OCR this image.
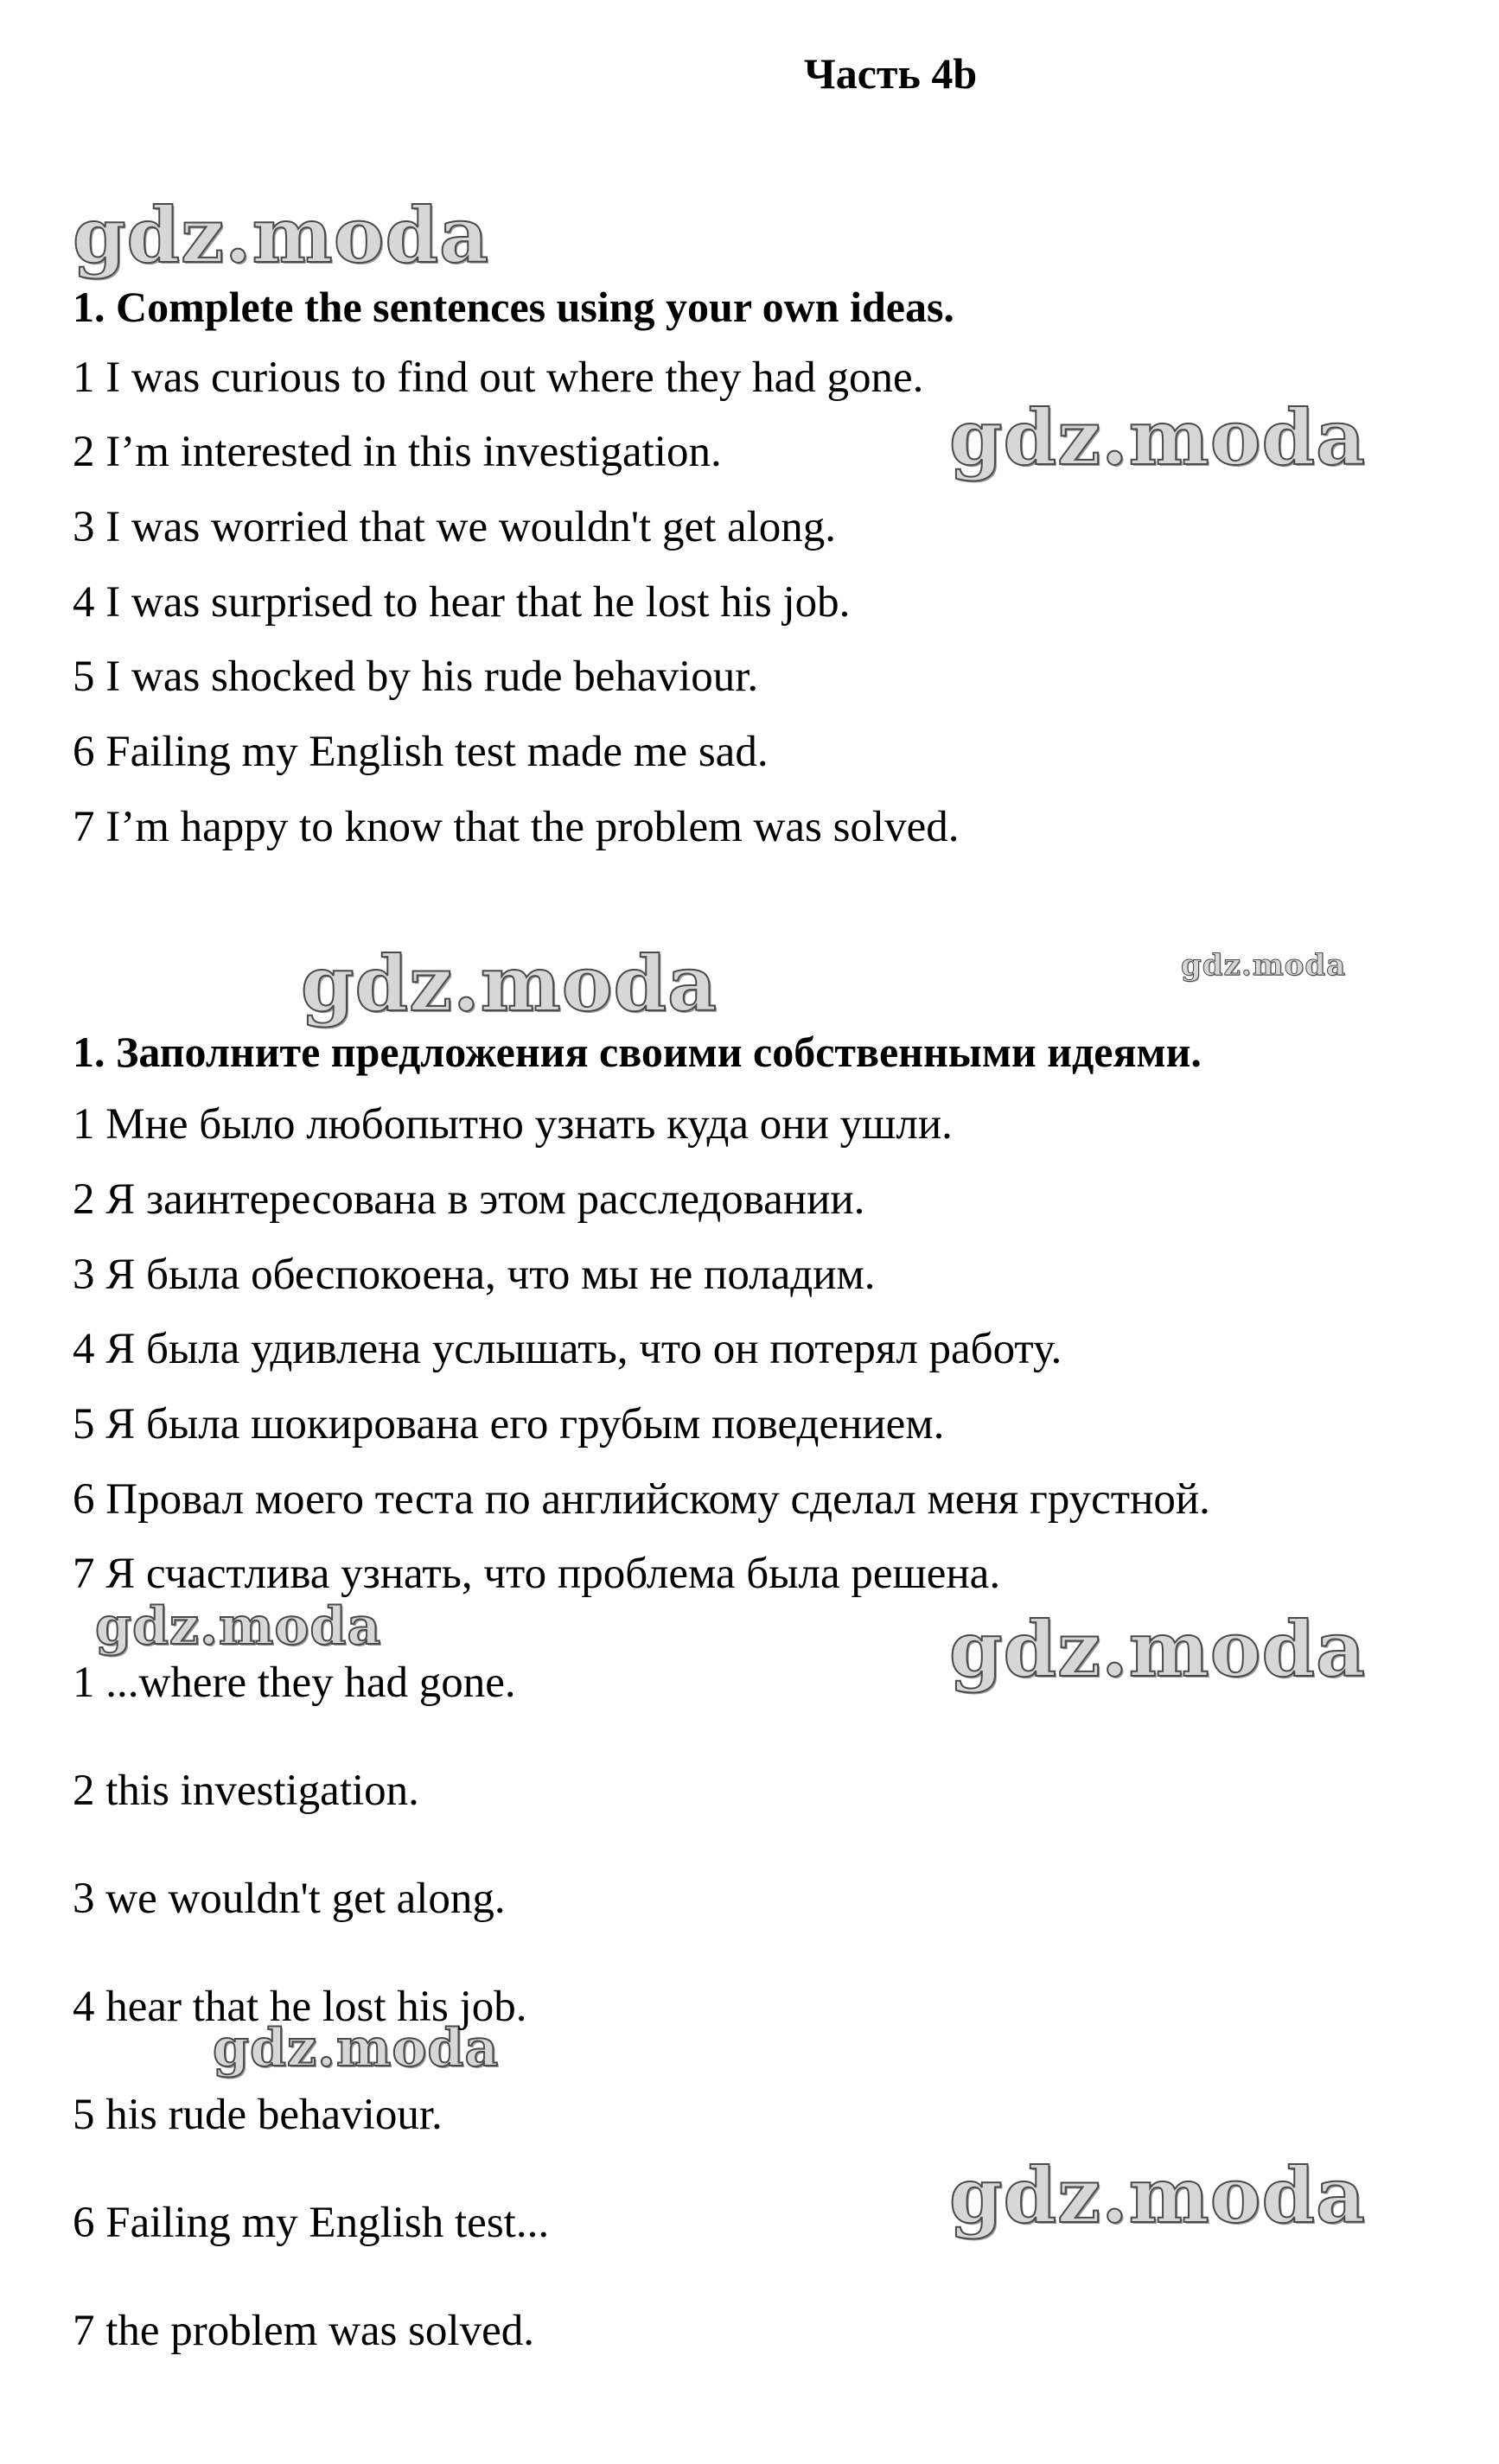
gdz.moda
gdz.moda
gdz.moda	gdz.moda
gdz.moda	gdz.moda
gdz.moda
gdz.moda
Часть 4b
1. Complete the sentences using your own ideas.
1 I was curious to find out where they had gone.
2 I’m interested in this investigation.
3 I was worried that we wouldn't get along.
4 I was surprised to hear that he lost his job.
5 I was shocked by his rude behaviour.
6 Failing my English test made me sad.
7 I’m happy to know that the problem was solved.
1. Заполните предложения своими собственными идеями.
1 Мне было любопытно узнать куда они ушли.
2 Я заинтересована в этом расследовании.
3 Я была обеспокоена, что мы не поладим.
4 Я была удивлена услышать, что он потерял работу.
5 Я была шокирована его грубым поведением.
6 Провал моего теста по английскому сделал меня грустной.
7 Я счастлива узнать, что проблема была решена.
1 ...where they had gone.
2 this investigation.
3 we wouldn't get along.
4 hear that he lost his job.
5 his rude behaviour.
6 Failing my English test...
7 the problem was solved.
